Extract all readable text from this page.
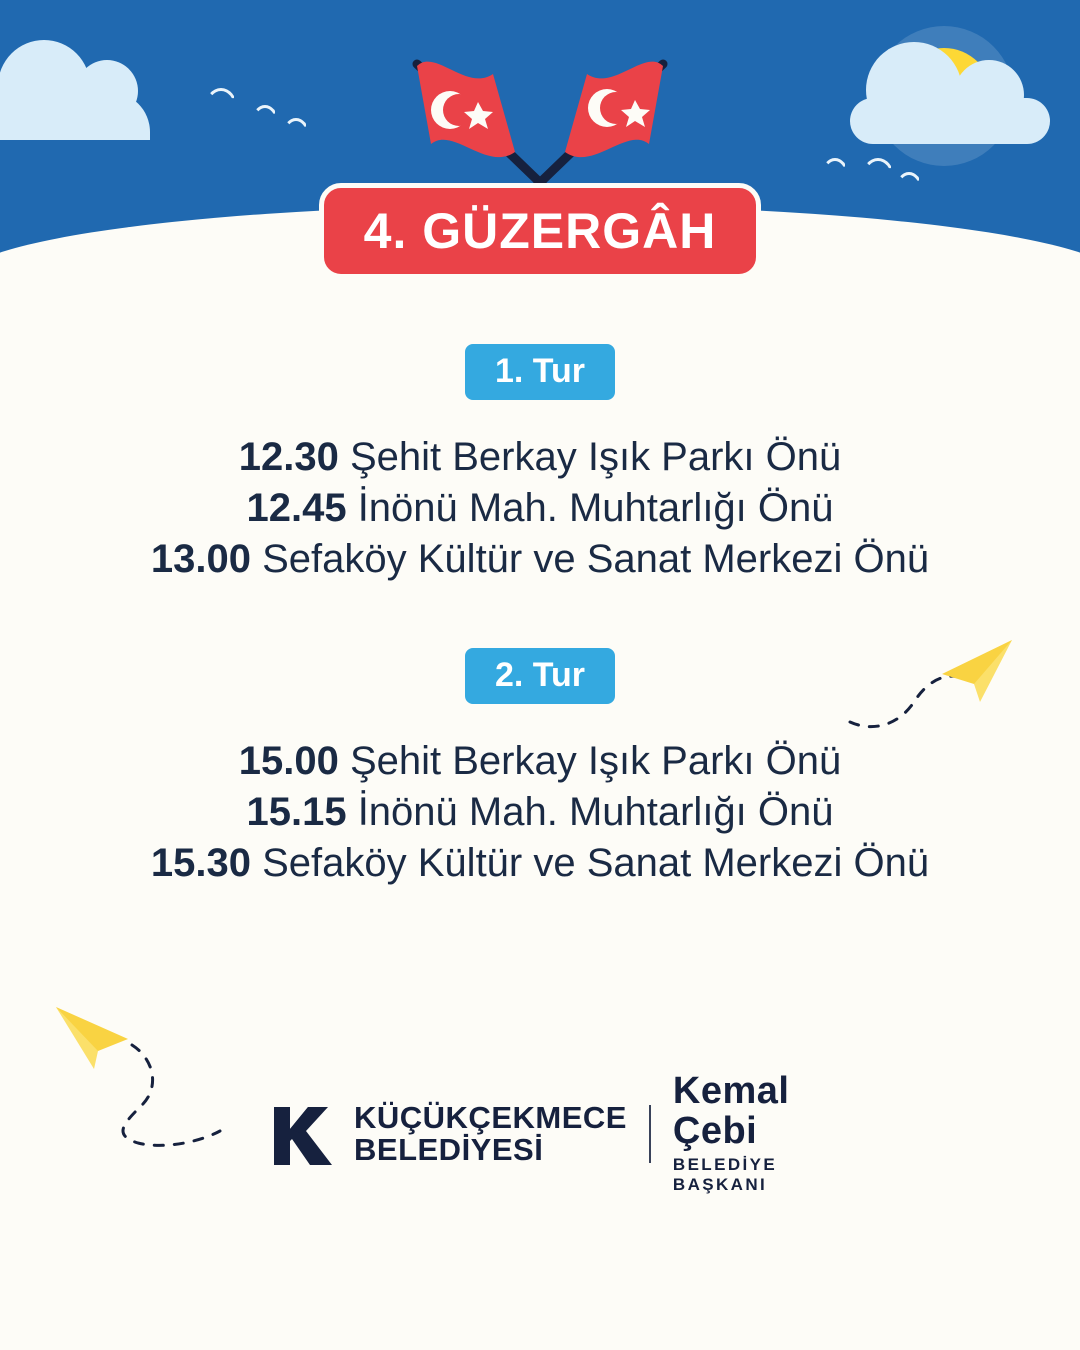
4. GÜZERGÂH
1. Tur
12.30 Şehit Berkay Işık Parkı Önü
12.45 İnönü Mah. Muhtarlığı Önü
13.00 Sefaköy Kültür ve Sanat Merkezi Önü
2. Tur
15.00 Şehit Berkay Işık Parkı Önü
15.15 İnönü Mah. Muhtarlığı Önü
15.30 Sefaköy Kültür ve Sanat Merkezi Önü
KÜÇÜKÇEKMECE
BELEDİYESİ
Kemal Çebi
BELEDİYE BAŞKANI
